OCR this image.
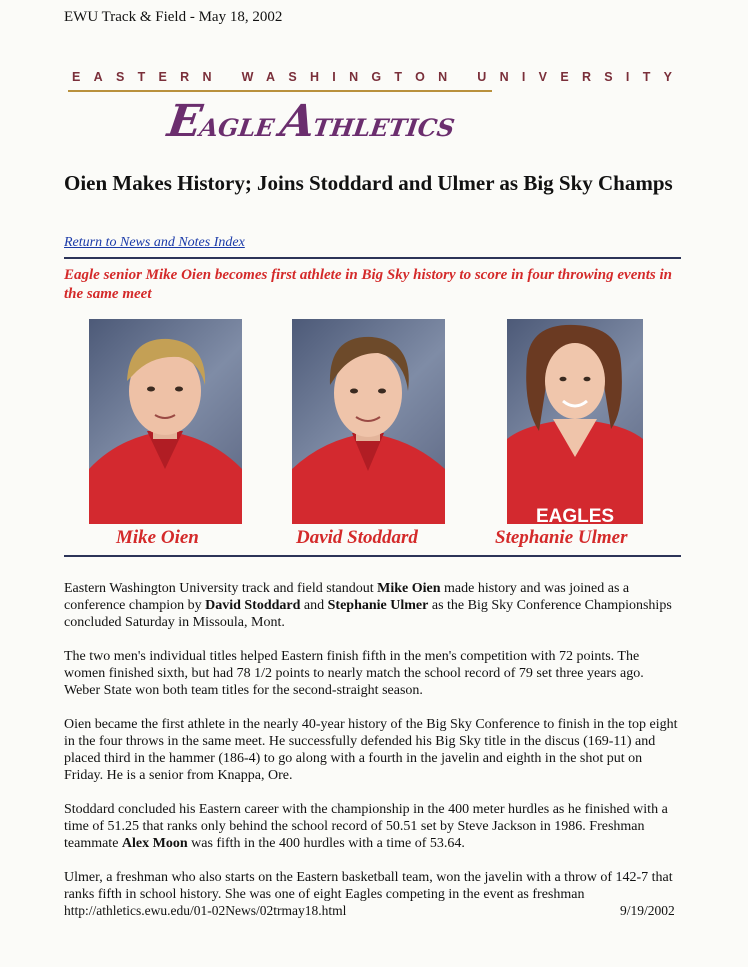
EWU Track & Field - May 18, 2002
EASTERN WASHINGTON UNIVERSITY
EAGLEATHLETICS
Oien Makes History; Joins Stoddard and Ulmer as Big Sky Champs
Return to News and Notes Index
Eagle senior Mike Oien becomes first athlete in Big Sky history to score in four throwing events in the same meet
Mike Oien	David Stoddard
EAGLES
Stephanie Ulmer

Eastern Washington University track and field standout Mike Oien made history and was joined as a conference champion by David Stoddard and Stephanie Ulmer as the Big Sky Conference Championships concluded Saturday in Missoula, Mont.

The two men's individual titles helped Eastern finish fifth in the men's competition with 72 points. The women finished sixth, but had 78 1/2 points to nearly match the school record of 79 set three years ago. Weber State won both team titles for the second-straight season.

Oien became the first athlete in the nearly 40-year history of the Big Sky Conference to finish in the top eight in the four throws in the same meet. He successfully defended his Big Sky title in the discus (169-11) and placed third in the hammer (186-4) to go along with a fourth in the javelin and eighth in the shot put on Friday. He is a senior from Knappa, Ore.

Stoddard concluded his Eastern career with the championship in the 400 meter hurdles as he finished with a time of 51.25 that ranks only behind the school record of 50.51 set by Steve Jackson in 1986. Freshman teammate Alex Moon was fifth in the 400 hurdles with a time of 53.64.

Ulmer, a freshman who also starts on the Eastern basketball team, won the javelin with a throw of 142-7 that ranks fifth in school history. She was one of eight Eagles competing in the event as freshman

http://athletics.ewu.edu/01-02News/02trmay18.html	9/19/2002
